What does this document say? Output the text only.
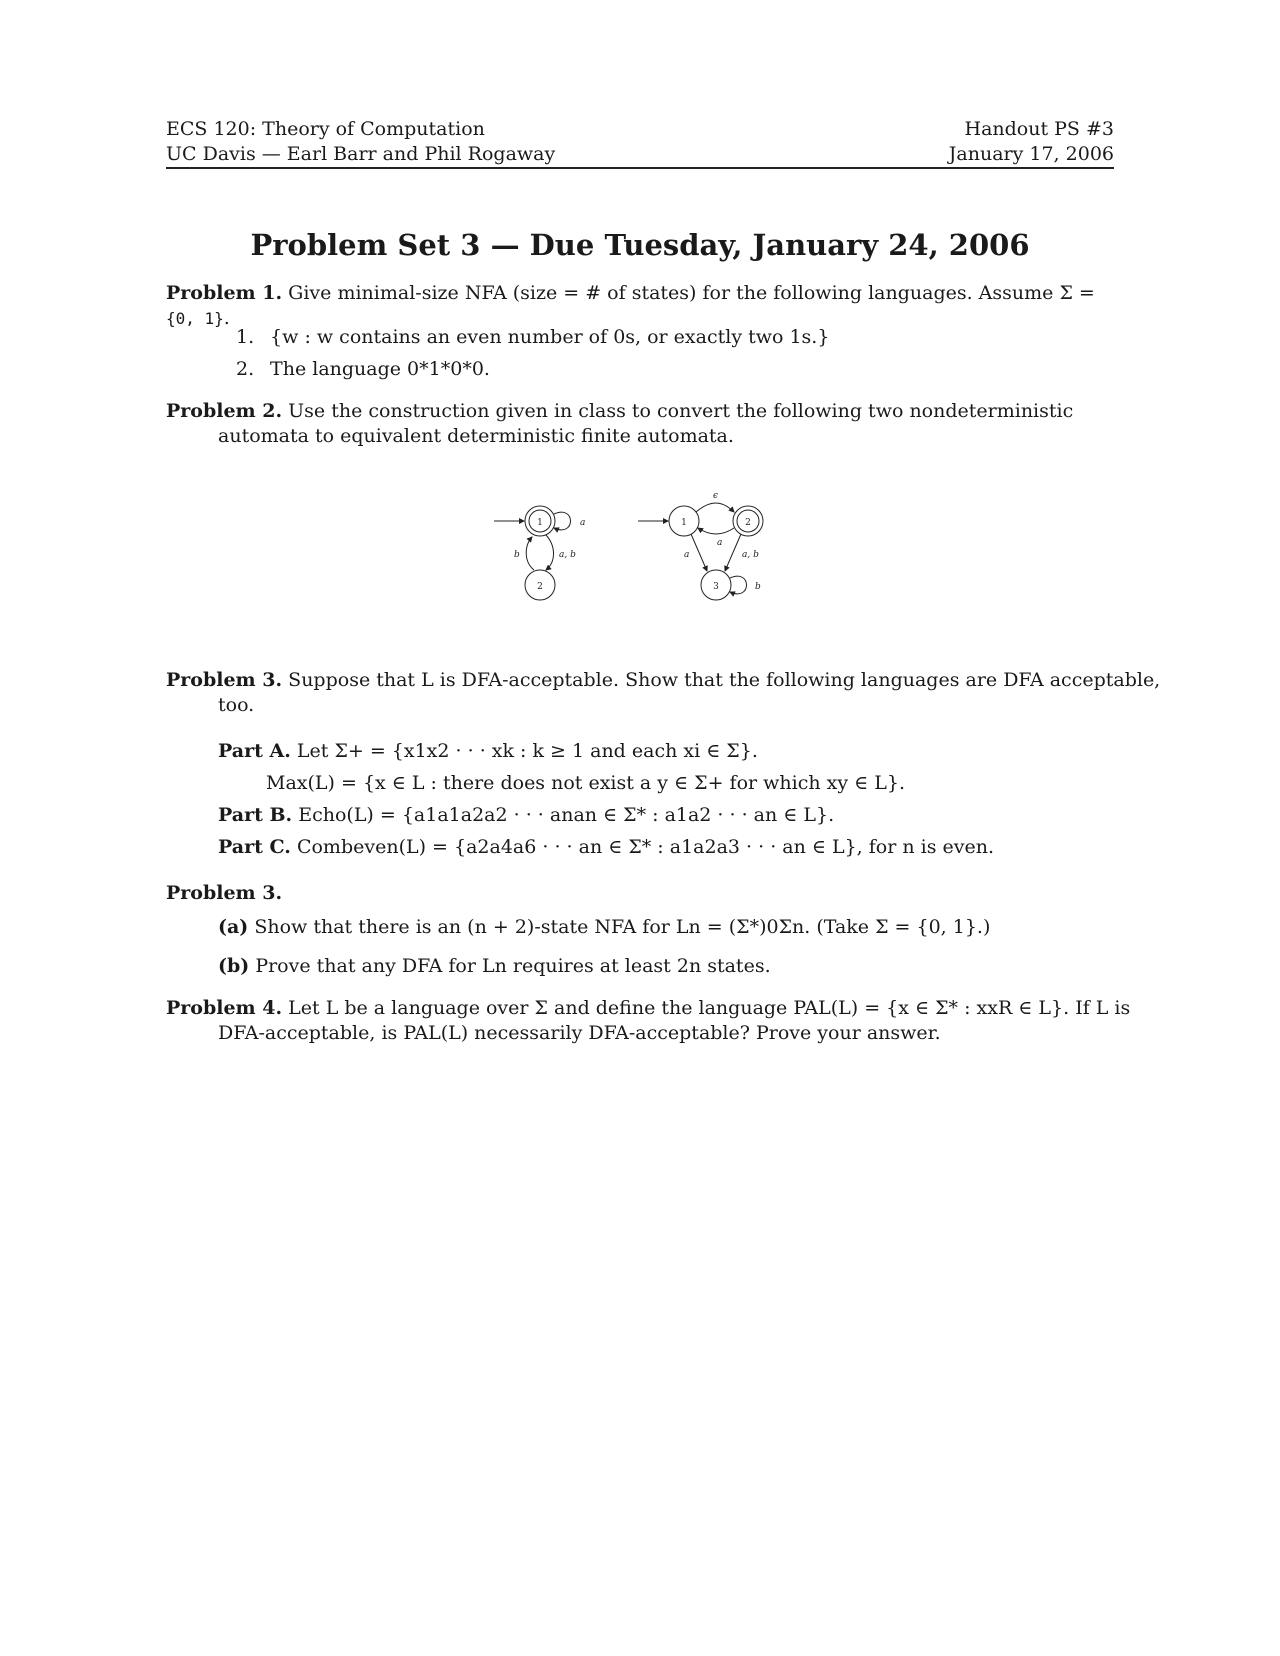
ECS 120: Theory of Computation
UC Davis — Earl Barr and Phil Rogaway
Handout PS #3
January 17, 2006
Problem Set 3 — Due Tuesday, January 24, 2006
Problem 1. Give minimal-size NFA (size = # of states) for the following languages. Assume Σ = {0, 1}.
1. {w : w contains an even number of 0s, or exactly two 1s.}
2. The language 0*1*0*0.
Problem 2. Use the construction given in class to convert the following two nondeterministic automata to equivalent deterministic finite automata.
1
2
a
a, b
b
1	2
3
ϵ
a
a	a, b
b
Problem 3. Suppose that L is DFA-acceptable. Show that the following languages are DFA acceptable, too.
Part A. Let Σ+ = {x1x2 · · · xk : k ≥ 1 and each xi ∈ Σ}.
Max(L) = {x ∈ L : there does not exist a y ∈ Σ+ for which xy ∈ L}.
Part B. Echo(L) = {a1a1a2a2 · · · anan ∈ Σ* : a1a2 · · · an ∈ L}.
Part C. Combeven(L) = {a2a4a6 · · · an ∈ Σ* : a1a2a3 · · · an ∈ L}, for n is even.
Problem 3.
(a) Show that there is an (n + 2)-state NFA for Ln = (Σ*)0Σn. (Take Σ = {0, 1}.)
(b) Prove that any DFA for Ln requires at least 2n states.
Problem 4. Let L be a language over Σ and define the language PAL(L) = {x ∈ Σ* : xxR ∈ L}. If L is DFA-acceptable, is PAL(L) necessarily DFA-acceptable? Prove your answer.
